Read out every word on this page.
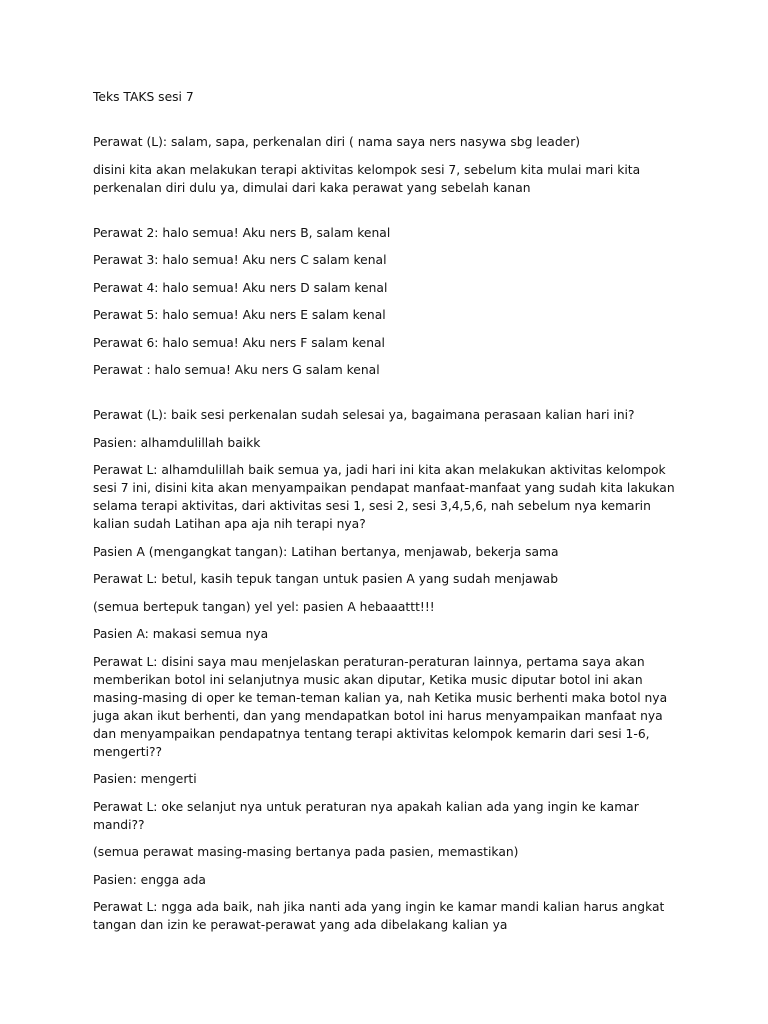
Teks TAKS sesi 7

Perawat (L): salam, sapa, perkenalan diri ( nama saya ners nasywa sbg leader)

disini kita akan melakukan terapi aktivitas kelompok sesi 7, sebelum kita mulai mari kita perkenalan diri dulu ya, dimulai dari kaka perawat yang sebelah kanan

Perawat 2: halo semua! Aku ners B, salam kenal

Perawat 3: halo semua! Aku ners C salam kenal

Perawat 4: halo semua! Aku ners D salam kenal

Perawat 5: halo semua! Aku ners E salam kenal

Perawat 6: halo semua! Aku ners F salam kenal

Perawat : halo semua! Aku ners G salam kenal

Perawat (L): baik sesi perkenalan sudah selesai ya, bagaimana perasaan kalian hari ini?

Pasien: alhamdulillah baikk

Perawat L: alhamdulillah baik semua ya, jadi hari ini kita akan melakukan aktivitas kelompok sesi 7 ini, disini kita akan menyampaikan pendapat manfaat-manfaat yang sudah kita lakukan selama terapi aktivitas, dari aktivitas sesi 1, sesi 2, sesi 3,4,5,6, nah sebelum nya kemarin kalian sudah Latihan apa aja nih terapi nya?

Pasien A (mengangkat tangan): Latihan bertanya, menjawab, bekerja sama

Perawat L: betul, kasih tepuk tangan untuk pasien A yang sudah menjawab

(semua bertepuk tangan) yel yel: pasien A hebaaattt!!!

Pasien A: makasi semua nya

Perawat L: disini saya mau menjelaskan peraturan-peraturan lainnya, pertama saya akan memberikan botol ini selanjutnya music akan diputar, Ketika music diputar botol ini akan masing-masing di oper ke teman-teman kalian ya, nah Ketika music berhenti maka botol nya juga akan ikut berhenti, dan yang mendapatkan botol ini harus menyampaikan manfaat nya dan menyampaikan pendapatnya tentang terapi aktivitas kelompok kemarin dari sesi 1-6, mengerti??

Pasien: mengerti

Perawat L: oke selanjut nya untuk peraturan nya apakah kalian ada yang ingin ke kamar mandi??

(semua perawat masing-masing bertanya pada pasien, memastikan)

Pasien: engga ada

Perawat L: ngga ada baik, nah jika nanti ada yang ingin ke kamar mandi kalian harus angkat tangan dan izin ke perawat-perawat yang ada dibelakang kalian ya
